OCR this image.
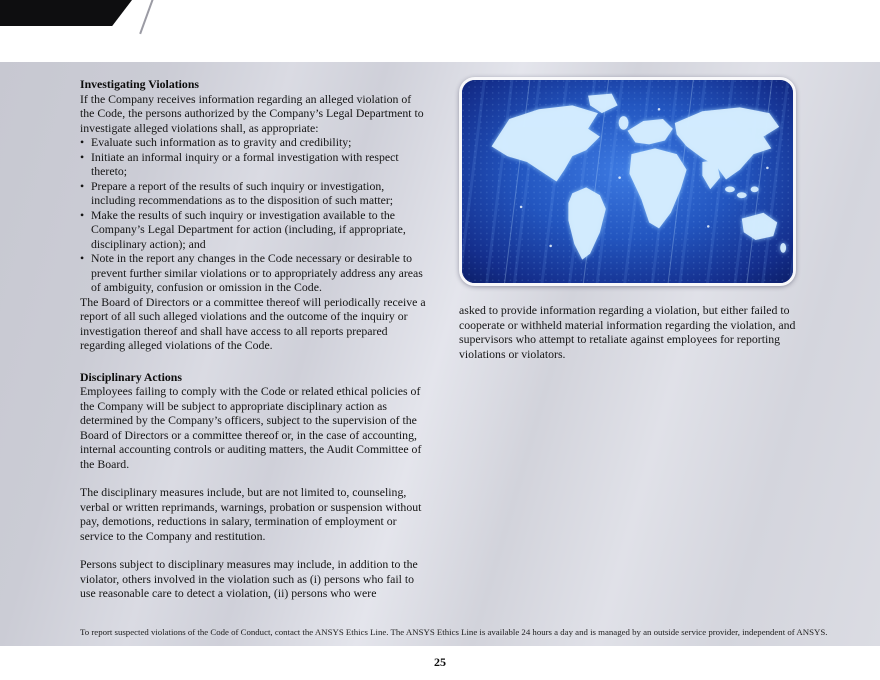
Investigating Violations
If the Company receives information regarding an alleged violation of the Code, the persons authorized by the Company’s Legal Department to investigate alleged violations shall, as appropriate:
• Evaluate such information as to gravity and credibility;
• Initiate an informal inquiry or a formal investigation with respect thereto;
• Prepare a report of the results of such inquiry or investigation, including recommendations as to the disposition of such matter;
• Make the results of such inquiry or investigation available to the Company’s Legal Department for action (including, if appropriate, disciplinary action); and
• Note in the report any changes in the Code necessary or desirable to prevent further similar violations or to appropriately address any areas of ambiguity, confusion or omission in the Code.
The Board of Directors or a committee thereof will periodically receive a report of all such alleged violations and the outcome of the inquiry or investigation thereof and shall have access to all reports prepared regarding alleged violations of the Code.
Disciplinary Actions
Employees failing to comply with the Code or related ethical policies of the Company will be subject to appropriate disciplinary action as determined by the Company’s officers, subject to the supervision of the Board of Directors or a committee thereof or, in the case of accounting, internal accounting controls or auditing matters, the Audit Committee of the Board.
The disciplinary measures include, but are not limited to, counseling, verbal or written reprimands, warnings, probation or suspension without pay, demotions, reductions in salary, termination of employment or service to the Company and restitution.
Persons subject to disciplinary measures may include, in addition to the violator, others involved in the violation such as (i) persons who fail to use reasonable care to detect a violation, (ii) persons who were
asked to provide information regarding a violation, but either failed to cooperate or withheld material information regarding the violation, and supervisors who attempt to retaliate against employees for reporting violations or violators.
To report suspected violations of the Code of Conduct, contact the ANSYS Ethics Line. The ANSYS Ethics Line is available 24 hours a day and is managed by an outside service provider, independent of ANSYS.
25
